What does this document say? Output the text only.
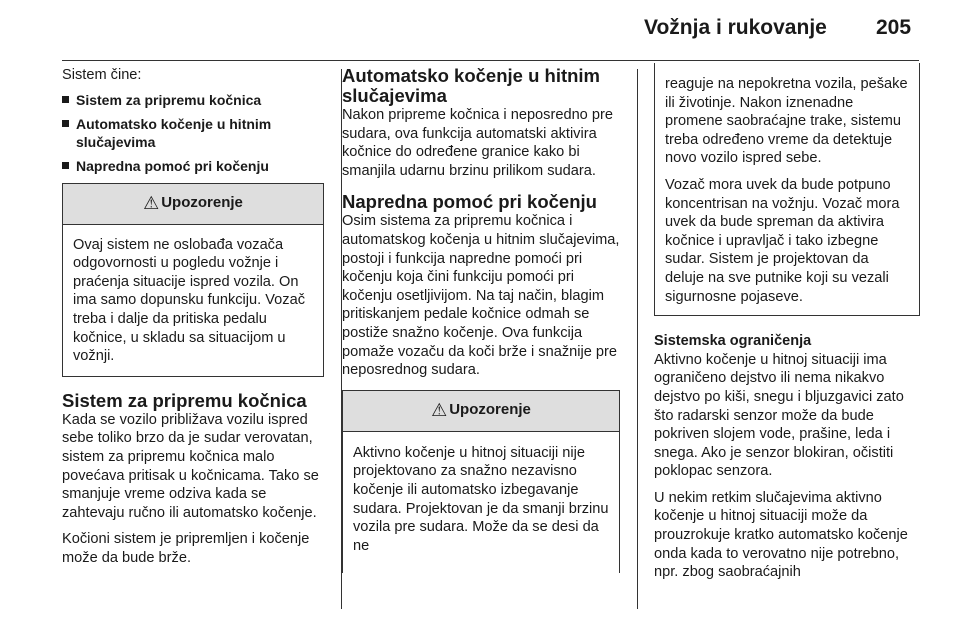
Vožnja i rukovanje 205

Sistem čine:

Sistem za pripremu kočnica
Automatsko kočenje u hitnim slučajevima
Napredna pomoć pri kočenju
⚠ Upozorenje
Ovaj sistem ne oslobađa vozača odgovornosti u pogledu vožnje i praćenja situacije ispred vozila. On ima samo dopunsku funkciju. Vozač treba i dalje da pritiska pedalu kočnice, u skladu sa situacijom u vožnji.
Sistem za pripremu kočnica

Kada se vozilo približava vozilu ispred sebe toliko brzo da je sudar verovatan, sistem za pripremu kočnica malo povećava pritisak u kočnicama. Tako se smanjuje vreme odziva kada se zahtevaju ručno ili automatsko kočenje.

Kočioni sistem je pripremljen i kočenje može da bude brže.

Automatsko kočenje u hitnim slučajevima

Nakon pripreme kočnica i neposredno pre sudara, ova funkcija automatski aktivira kočnice do određene granice kako bi smanjila udarnu brzinu prilikom sudara.

Napredna pomoć pri kočenju

Osim sistema za pripremu kočnica i automatskog kočenja u hitnim slučajevima, postoji i funkcija napredne pomoći pri kočenju koja čini funkciju pomoći pri kočenju osetljivijom. Na taj način, blagim pritiskanjem pedale kočnice odmah se postiže snažno kočenje. Ova funkcija pomaže vozaču da koči brže i snažnije pre neposrednog sudara.

⚠ Upozorenje
Aktivno kočenje u hitnoj situaciji nije projektovano za snažno nezavisno kočenje ili automatsko izbegavanje sudara. Projektovan je da smanji brzinu vozila pre sudara. Može da se desi da ne

reaguje na nepokretna vozila, pešake ili životinje. Nakon iznenadne promene saobraćajne trake, sistemu treba određeno vreme da detektuje novo vozilo ispred sebe.

Vozač mora uvek da bude potpuno koncentrisan na vožnju. Vozač mora uvek da bude spreman da aktivira kočnice i upravljač i tako izbegne sudar. Sistem je projektovan da deluje na sve putnike koji su vezali sigurnosne pojaseve.

Sistemska ograničenja

Aktivno kočenje u hitnoj situaciji ima ograničeno dejstvo ili nema nikakvo dejstvo po kiši, snegu i bljuzgavici zato što radarski senzor može da bude pokriven slojem vode, prašine, leda i snega. Ako je senzor blokiran, očistiti poklopac senzora.

U nekim retkim slučajevima aktivno kočenje u hitnoj situaciji može da prouzrokuje kratko automatsko kočenje onda kada to verovatno nije potrebno, npr. zbog saobraćajnih
